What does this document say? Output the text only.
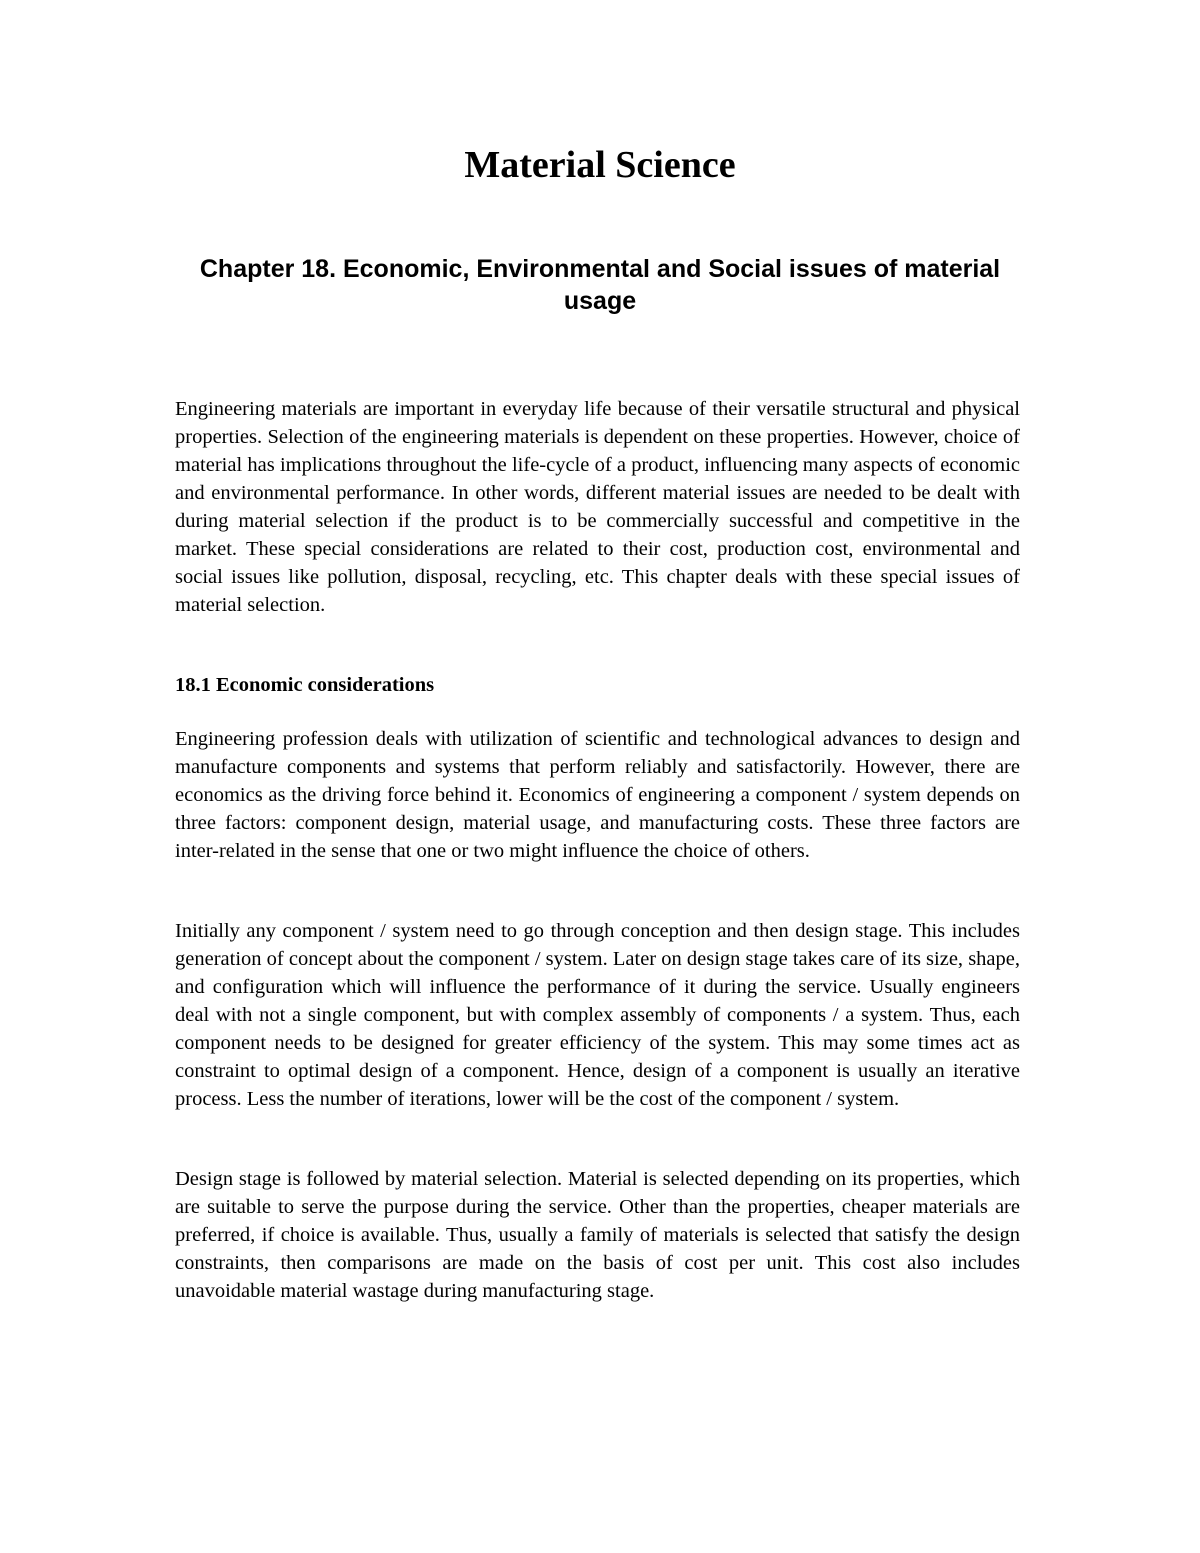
Material Science
Chapter 18. Economic, Environmental and Social issues of material usage

Engineering materials are important in everyday life because of their versatile structural and physical properties. Selection of the engineering materials is dependent on these properties. However, choice of material has implications throughout the life-cycle of a product, influencing many aspects of economic and environmental performance. In other words, different material issues are needed to be dealt with during material selection if the product is to be commercially successful and competitive in the market. These special considerations are related to their cost, production cost, environmental and social issues like pollution, disposal, recycling, etc. This chapter deals with these special issues of material selection.

18.1 Economic considerations

Engineering profession deals with utilization of scientific and technological advances to design and manufacture components and systems that perform reliably and satisfactorily. However, there are economics as the driving force behind it. Economics of engineering a component / system depends on three factors: component design, material usage, and manufacturing costs. These three factors are inter-related in the sense that one or two might influence the choice of others.

Initially any component / system need to go through conception and then design stage. This includes generation of concept about the component / system. Later on design stage takes care of its size, shape, and configuration which will influence the performance of it during the service. Usually engineers deal with not a single component, but with complex assembly of components / a system. Thus, each component needs to be designed for greater efficiency of the system. This may some times act as constraint to optimal design of a component. Hence, design of a component is usually an iterative process. Less the number of iterations, lower will be the cost of the component / system.

Design stage is followed by material selection. Material is selected depending on its properties, which are suitable to serve the purpose during the service. Other than the properties, cheaper materials are preferred, if choice is available. Thus, usually a family of materials is selected that satisfy the design constraints, then comparisons are made on the basis of cost per unit. This cost also includes unavoidable material wastage during manufacturing stage.
